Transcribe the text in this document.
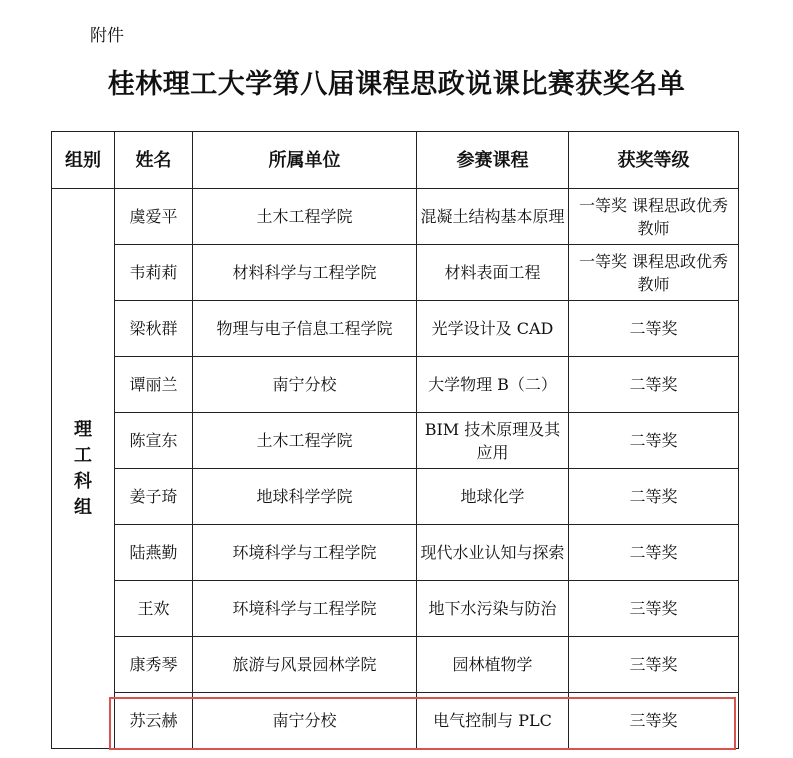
附件
桂林理工大学第八届课程思政说课比赛获奖名单
组别	姓名	所属单位	参赛课程	获奖等级

理工科组	虞爱平	土木工程学院	混凝土结构基本原理	一等奖 课程思政优秀教师
	韦莉莉	材料科学与工程学院	材料表面工程	一等奖 课程思政优秀教师
	梁秋群	物理与电子信息工程学院	光学设计及 CAD	二等奖
	谭丽兰	南宁分校	大学物理 B（二）	二等奖
	陈宣东	土木工程学院	BIM 技术原理及其应用	二等奖
	姜子琦	地球科学学院	地球化学	二等奖
	陆燕勤	环境科学与工程学院	现代水业认知与探索	二等奖
	王欢	环境科学与工程学院	地下水污染与防治	三等奖
	康秀琴	旅游与风景园林学院	园林植物学	三等奖
	苏云赫	南宁分校	电气控制与 PLC	三等奖
